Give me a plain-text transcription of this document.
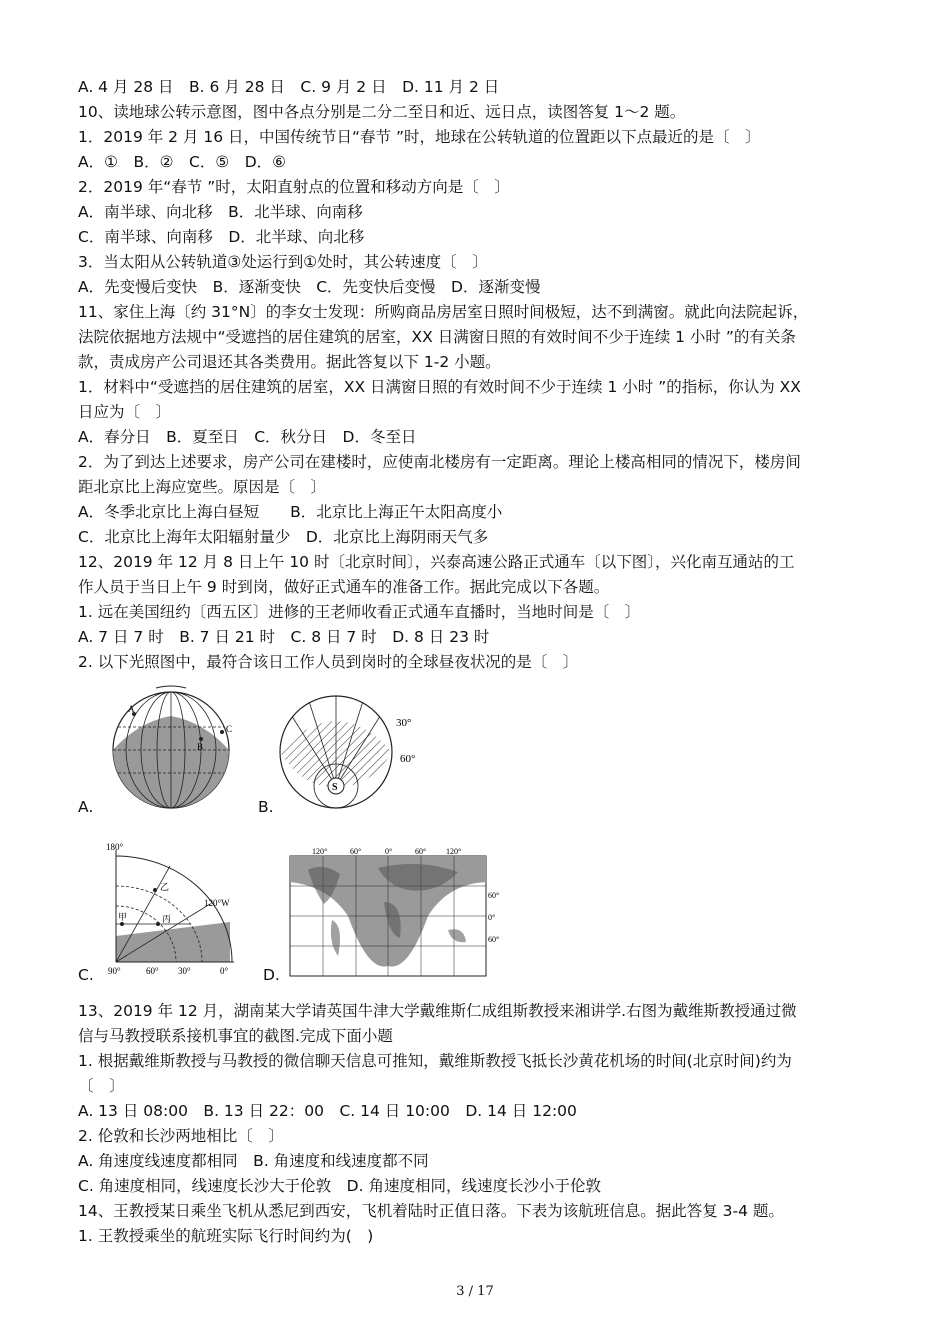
A. 4 月 28 日　B. 6 月 28 日　C. 9 月 2 日　D. 11 月 2 日
10、读地球公转示意图，图中各点分别是二分二至日和近、远日点，读图答复 1～2 题。
1．2019 年 2 月 16 日，中国传统节日“春节 ”时，地球在公转轨道的位置距以下点最近的是〔　〕
A．①　B．②　C．⑤　D．⑥
2．2019 年“春节 ”时，太阳直射点的位置和移动方向是〔　〕
A．南半球、向北移　B．北半球、向南移
C．南半球、向南移　D．北半球、向北移
3．当太阳从公转轨道③处运行到①处时，其公转速度〔　〕
A．先变慢后变快　B．逐渐变快　C．先变快后变慢　D．逐渐变慢
11、家住上海〔约 31°N〕的李女士发现：所购商品房居室日照时间极短，达不到满窗。就此向法院起诉，
法院依据地方法规中“受遮挡的居住建筑的居室，XX 日满窗日照的有效时间不少于连续 1 小时 ”的有关条
款，责成房产公司退还其各类费用。据此答复以下 1-2 小题。
1．材料中“受遮挡的居住建筑的居室，XX 日满窗日照的有效时间不少于连续 1 小时 ”的指标，你认为 XX
日应为〔　〕
A．春分日　B．夏至日　C．秋分日　D．冬至日
2．为了到达上述要求，房产公司在建楼时，应使南北楼房有一定距离。理论上楼高相同的情况下，楼房间
距北京比上海应宽些。原因是〔　〕
A．冬季北京比上海白昼短　　B．北京比上海正午太阳高度小
C．北京比上海年太阳辐射量少　D．北京比上海阴雨天气多
12、2019 年 12 月 8 日上午 10 时〔北京时间〕，兴泰高速公路正式通车〔以下图〕，兴化南互通站的工
作人员于当日上午 9 时到岗，做好正式通车的准备工作。据此完成以下各题。
1. 远在美国纽约〔西五区〕进修的王老师收看正式通车直播时，当地时间是〔　〕
A. 7 日 7 时　B. 7 日 21 时　C. 8 日 7 时　D. 8 日 23 时
2. 以下光照图中，最符合该日工作人员到岗时的全球昼夜状况的是〔　〕
A.
A
B
C
B.
S
30°
60°
C.
180°
120°W
90°	60° 30°	0°
乙
甲	丙
D.
120°	60°	0°	60° 120°
60°
0°
60°
13、2019 年 12 月，湖南某大学请英国牛津大学戴维斯仁成组斯教授来湘讲学.右图为戴维斯教授通过微
信与马教授联系接机事宜的截图.完成下面小题
1. 根据戴维斯教授与马教授的微信聊天信息可推知，戴维斯教授飞抵长沙黄花机场的时间(北京时间)约为
〔　〕
A. 13 日 08:00　B. 13 日 22：00　C. 14 日 10:00　D. 14 日 12:00
2. 伦敦和长沙两地相比〔　〕
A. 角速度线速度都相同　B. 角速度和线速度都不同
C. 角速度相同，线速度长沙大于伦敦　D. 角速度相同，线速度长沙小于伦敦
14、王教授某日乘坐飞机从悉尼到西安，飞机着陆时正值日落。下表为该航班信息。据此答复 3-4 题。
1. 王教授乘坐的航班实际飞行时间约为(　)
3 / 17
